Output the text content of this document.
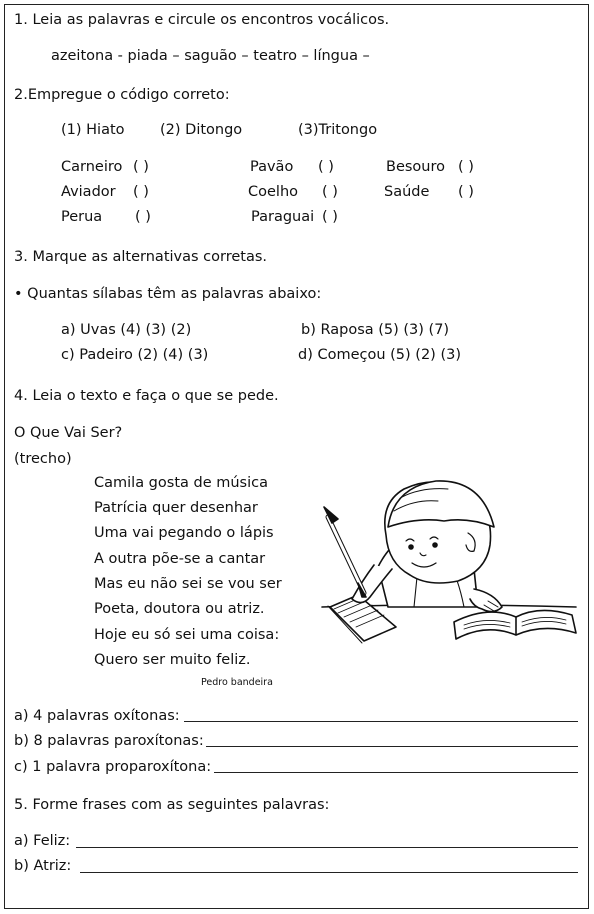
1. Leia as palavras e circule os encontros vocálicos.
azeitona - piada – saguão – teatro – língua –
2.Empregue o código correto:
(1) Hiato (2) Ditongo	(3)Tritongo
Carneiro ( )	Pavão ( )	Besouro ( )
Aviador ( )	Coelho ( )	Saúde ( )
Perua ( )	Paraguai ( )
3. Marque as alternativas corretas.
• Quantas sílabas têm as palavras abaixo:
a) Uvas (4) (3) (2)	b) Raposa (5) (3) (7)
c) Padeiro (2) (4) (3)	d) Começou (5) (2) (3)
4. Leia o texto e faça o que se pede.
O Que Vai Ser?
(trecho)
Camila gosta de música
Patrícia quer desenhar
Uma vai pegando o lápis
A outra põe-se a cantar
Mas eu não sei se vou ser
Poeta, doutora ou atriz.
Hoje eu só sei uma coisa:
Quero ser muito feliz.
Pedro bandeira
a) 4 palavras oxítonas:
b) 8 palavras paroxítonas:
c) 1 palavra proparoxítona:
5. Forme frases com as seguintes palavras:
a) Feliz:
b) Atriz:
